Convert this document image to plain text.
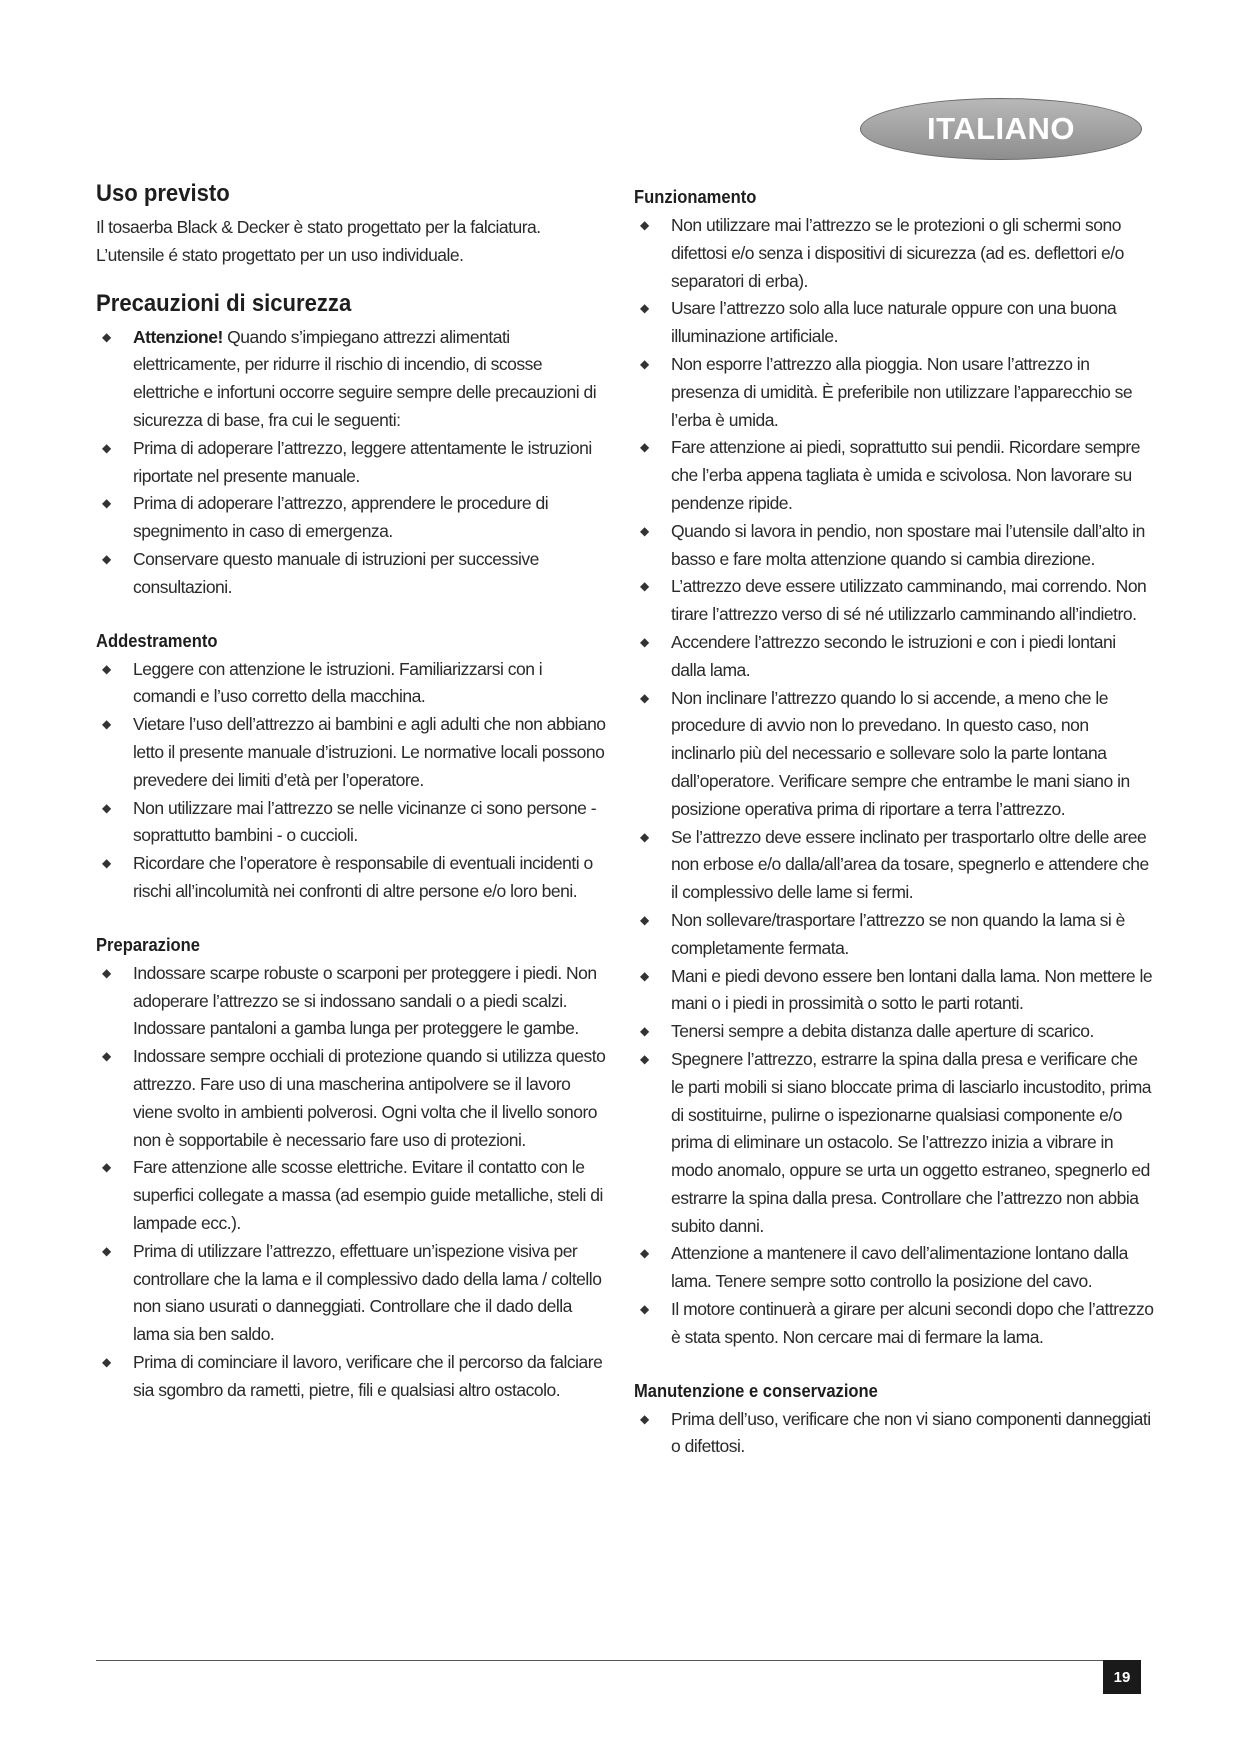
ITALIANO
Uso previsto

Il tosaerba Black & Decker è stato progettato per la falciatura.

L’utensile é stato progettato per un uso individuale.

Precauzioni di sicurezza
◆ Attenzione! Quando s’impiegano attrezzi alimentati elettricamente, per ridurre il rischio di incendio, di scosse elettriche e infortuni occorre seguire sempre delle precauzioni di sicurezza di base, fra cui le seguenti:
◆ Prima di adoperare l’attrezzo, leggere attentamente le istruzioni riportate nel presente manuale.
◆ Prima di adoperare l’attrezzo, apprendere le procedure di spegnimento in caso di emergenza.
◆ Conservare questo manuale di istruzioni per successive consultazioni.
Addestramento
◆ Leggere con attenzione le istruzioni. Familiarizzarsi con i comandi e l’uso corretto della macchina.
◆ Vietare l’uso dell’attrezzo ai bambini e agli adulti che non abbiano letto il presente manuale d’istruzioni. Le normative locali possono prevedere dei limiti d’età per l’operatore.
◆ Non utilizzare mai l’attrezzo se nelle vicinanze ci sono persone - soprattutto bambini - o cuccioli.
◆ Ricordare che l’operatore è responsabile di eventuali incidenti o rischi all’incolumità nei confronti di altre persone e/o loro beni.
Preparazione
◆ Indossare scarpe robuste o scarponi per proteggere i piedi. Non adoperare l’attrezzo se si indossano sandali o a piedi scalzi. Indossare pantaloni a gamba lunga per proteggere le gambe.
◆ Indossare sempre occhiali di protezione quando si utilizza questo attrezzo. Fare uso di una mascherina antipolvere se il lavoro viene svolto in ambienti polverosi. Ogni volta che il livello sonoro non è sopportabile è necessario fare uso di protezioni.
◆ Fare attenzione alle scosse elettriche. Evitare il contatto con le superfici collegate a massa (ad esempio guide metalliche, steli di lampade ecc.).
◆ Prima di utilizzare l’attrezzo, effettuare un’ispezione visiva per controllare che la lama e il complessivo dado della lama / coltello non siano usurati o danneggiati. Controllare che il dado della lama sia ben saldo.
◆ Prima di cominciare il lavoro, verificare che il percorso da falciare sia sgombro da rametti, pietre, fili e qualsiasi altro ostacolo.
Funzionamento
◆ Non utilizzare mai l’attrezzo se le protezioni o gli schermi sono difettosi e/o senza i dispositivi di sicurezza (ad es. deflettori e/o separatori di erba).
◆ Usare l’attrezzo solo alla luce naturale oppure con una buona illuminazione artificiale.
◆ Non esporre l’attrezzo alla pioggia. Non usare l’attrezzo in presenza di umidità. È preferibile non utilizzare l’apparecchio se l’erba è umida.
◆ Fare attenzione ai piedi, soprattutto sui pendii. Ricordare sempre che l’erba appena tagliata è umida e scivolosa. Non lavorare su pendenze ripide.
◆ Quando si lavora in pendio, non spostare mai l’utensile dall’alto in basso e fare molta attenzione quando si cambia direzione.
◆ L’attrezzo deve essere utilizzato camminando, mai correndo. Non tirare l’attrezzo verso di sé né utilizzarlo camminando all’indietro.
◆ Accendere l’attrezzo secondo le istruzioni e con i piedi lontani dalla lama.
◆ Non inclinare l’attrezzo quando lo si accende, a meno che le procedure di avvio non lo prevedano. In questo caso, non inclinarlo più del necessario e sollevare solo la parte lontana dall’operatore. Verificare sempre che entrambe le mani siano in posizione operativa prima di riportare a terra l’attrezzo.
◆ Se l’attrezzo deve essere inclinato per trasportarlo oltre delle aree non erbose e/o dalla/all’area da tosare, spegnerlo e attendere che il complessivo delle lame si fermi.
◆ Non sollevare/trasportare l’attrezzo se non quando la lama si è completamente fermata.
◆ Mani e piedi devono essere ben lontani dalla lama. Non mettere le mani o i piedi in prossimità o sotto le parti rotanti.
◆ Tenersi sempre a debita distanza dalle aperture di scarico.
◆ Spegnere l’attrezzo, estrarre la spina dalla presa e verificare che le parti mobili si siano bloccate prima di lasciarlo incustodito, prima di sostituirne, pulirne o ispezionarne qualsiasi componente e/o prima di eliminare un ostacolo. Se l’attrezzo inizia a vibrare in modo anomalo, oppure se urta un oggetto estraneo, spegnerlo ed estrarre la spina dalla presa. Controllare che l’attrezzo non abbia subito danni.
◆ Attenzione a mantenere il cavo dell’alimentazione lontano dalla lama. Tenere sempre sotto controllo la posizione del cavo.
◆ Il motore continuerà a girare per alcuni secondi dopo che l’attrezzo è stata spento. Non cercare mai di fermare la lama.
Manutenzione e conservazione
◆ Prima dell’uso, verificare che non vi siano componenti danneggiati o difettosi.
19
